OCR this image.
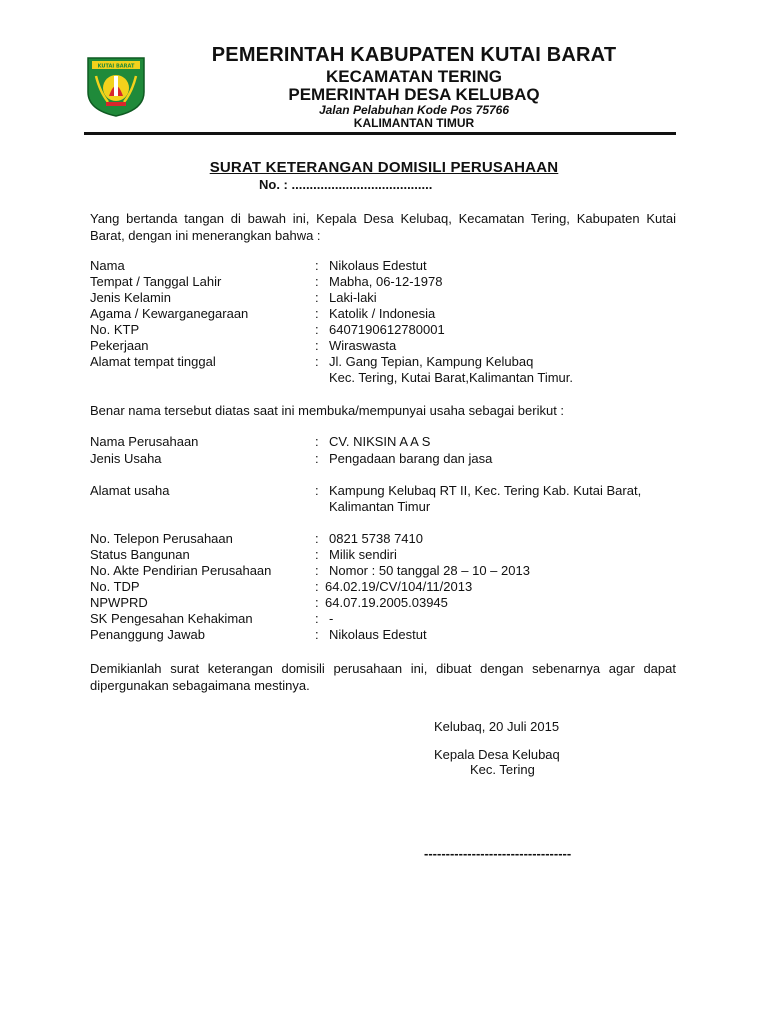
KUTAI BARAT
PEMERINTAH KABUPATEN KUTAI BARAT
KECAMATAN TERING
PEMERINTAH DESA KELUBAQ
Jalan Pelabuhan Kode Pos 75766
KALIMANTAN TIMUR
SURAT KETERANGAN DOMISILI PERUSAHAAN
No. : .......................................
Yang bertanda tangan di bawah ini, Kepala Desa Kelubaq, Kecamatan Tering, Kabupaten Kutai Barat, dengan ini menerangkan bahwa :
Nama	: Nikolaus Edestut
Tempat / Tanggal Lahir	: Mabha, 06-12-1978
Jenis Kelamin	: Laki-laki
Agama / Kewarganegaraan	: Katolik / Indonesia
No. KTP	: 6407190612780001
Pekerjaan	: Wiraswasta
Alamat tempat tinggal	: Jl. Gang Tepian, Kampung Kelubaq
Kec. Tering, Kutai Barat,Kalimantan Timur.
Benar nama tersebut diatas saat ini membuka/mempunyai usaha sebagai berikut :
Nama Perusahaan	: CV. NIKSIN A A S
Jenis Usaha	: Pengadaan barang dan jasa
Alamat usaha	: Kampung Kelubaq RT II, Kec. Tering Kab. Kutai Barat,
Kalimantan Timur
No. Telepon Perusahaan	: 0821 5738 7410
Status Bangunan	: Milik sendiri
No. Akte Pendirian Perusahaan	: Nomor : 50 tanggal 28 – 10 – 2013
No. TDP	: 64.02.19/CV/104/11/2013
NPWPRD	: 64.07.19.2005.03945
SK Pengesahan Kehakiman	: -
Penanggung Jawab	: Nikolaus Edestut
Demikianlah surat keterangan domisili perusahaan ini, dibuat dengan sebenarnya agar dapat dipergunakan sebagaimana mestinya.
Kelubaq, 20 Juli 2015
Kepala Desa Kelubaq
Kec. Tering
----------------------------------
